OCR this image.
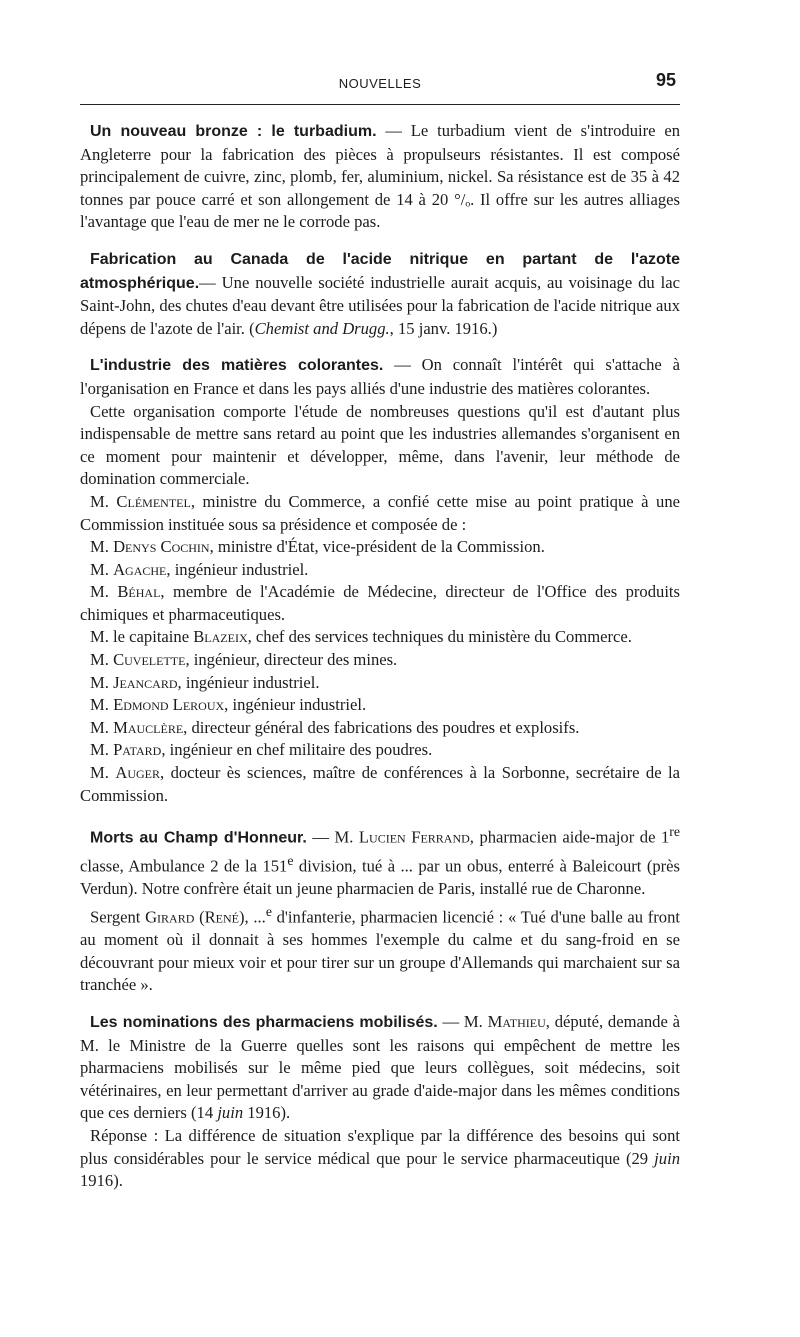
NOUVELLES	95

Un nouveau bronze : le turbadium. — Le turbadium vient de s'introduire en Angleterre pour la fabrication des pièces à propulseurs résistantes. Il est composé principalement de cuivre, zinc, plomb, fer, aluminium, nickel. Sa résistance est de 35 à 42 tonnes par pouce carré et son allongement de 14 à 20 °/ₒ. Il offre sur les autres alliages l'avantage que l'eau de mer ne le corrode pas.

Fabrication au Canada de l'acide nitrique en partant de l'azote atmosphérique.— Une nouvelle société industrielle aurait acquis, au voisinage du lac Saint-John, des chutes d'eau devant être utilisées pour la fabrication de l'acide nitrique aux dépens de l'azote de l'air. (Chemist and Drugg., 15 janv. 1916.)

L'industrie des matières colorantes. — On connaît l'intérêt qui s'attache à l'organisation en France et dans les pays alliés d'une industrie des matières colorantes.

Cette organisation comporte l'étude de nombreuses questions qu'il est d'autant plus indispensable de mettre sans retard au point que les industries allemandes s'organisent en ce moment pour maintenir et développer, même, dans l'avenir, leur méthode de domination commerciale.

M. Clémentel, ministre du Commerce, a confié cette mise au point pratique à une Commission instituée sous sa présidence et composée de :

M. Denys Cochin, ministre d'État, vice-président de la Commission.

M. Agache, ingénieur industriel.

M. Béhal, membre de l'Académie de Médecine, directeur de l'Office des produits chimiques et pharmaceutiques.

M. le capitaine Blazeix, chef des services techniques du ministère du Commerce.

M. Cuvelette, ingénieur, directeur des mines.

M. Jeancard, ingénieur industriel.

M. Edmond Leroux, ingénieur industriel.

M. Mauclère, directeur général des fabrications des poudres et explosifs.

M. Patard, ingénieur en chef militaire des poudres.

M. Auger, docteur ès sciences, maître de conférences à la Sorbonne, secrétaire de la Commission.

Morts au Champ d'Honneur. — M. Lucien Ferrand, pharmacien aide-major de 1re classe, Ambulance 2 de la 151e division, tué à ... par un obus, enterré à Baleicourt (près Verdun). Notre confrère était un jeune pharmacien de Paris, installé rue de Charonne.

Sergent Girard (René), ...$^e$ d'infanterie, pharmacien licencié : « Tué d'une balle au front au moment où il donnait à ses hommes l'exemple du calme et du sang-froid en se découvrant pour mieux voir et pour tirer sur un groupe d'Allemands qui marchaient sur sa tranchée ».

Les nominations des pharmaciens mobilisés. — M. Mathieu, député, demande à M. le Ministre de la Guerre quelles sont les raisons qui empêchent de mettre les pharmaciens mobilisés sur le même pied que leurs collègues, soit médecins, soit vétérinaires, en leur permettant d'arriver au grade d'aide-major dans les mêmes conditions que ces derniers (14 juin 1916).

Réponse : La différence de situation s'explique par la différence des besoins qui sont plus considérables pour le service médical que pour le service pharmaceutique (29 juin 1916).
